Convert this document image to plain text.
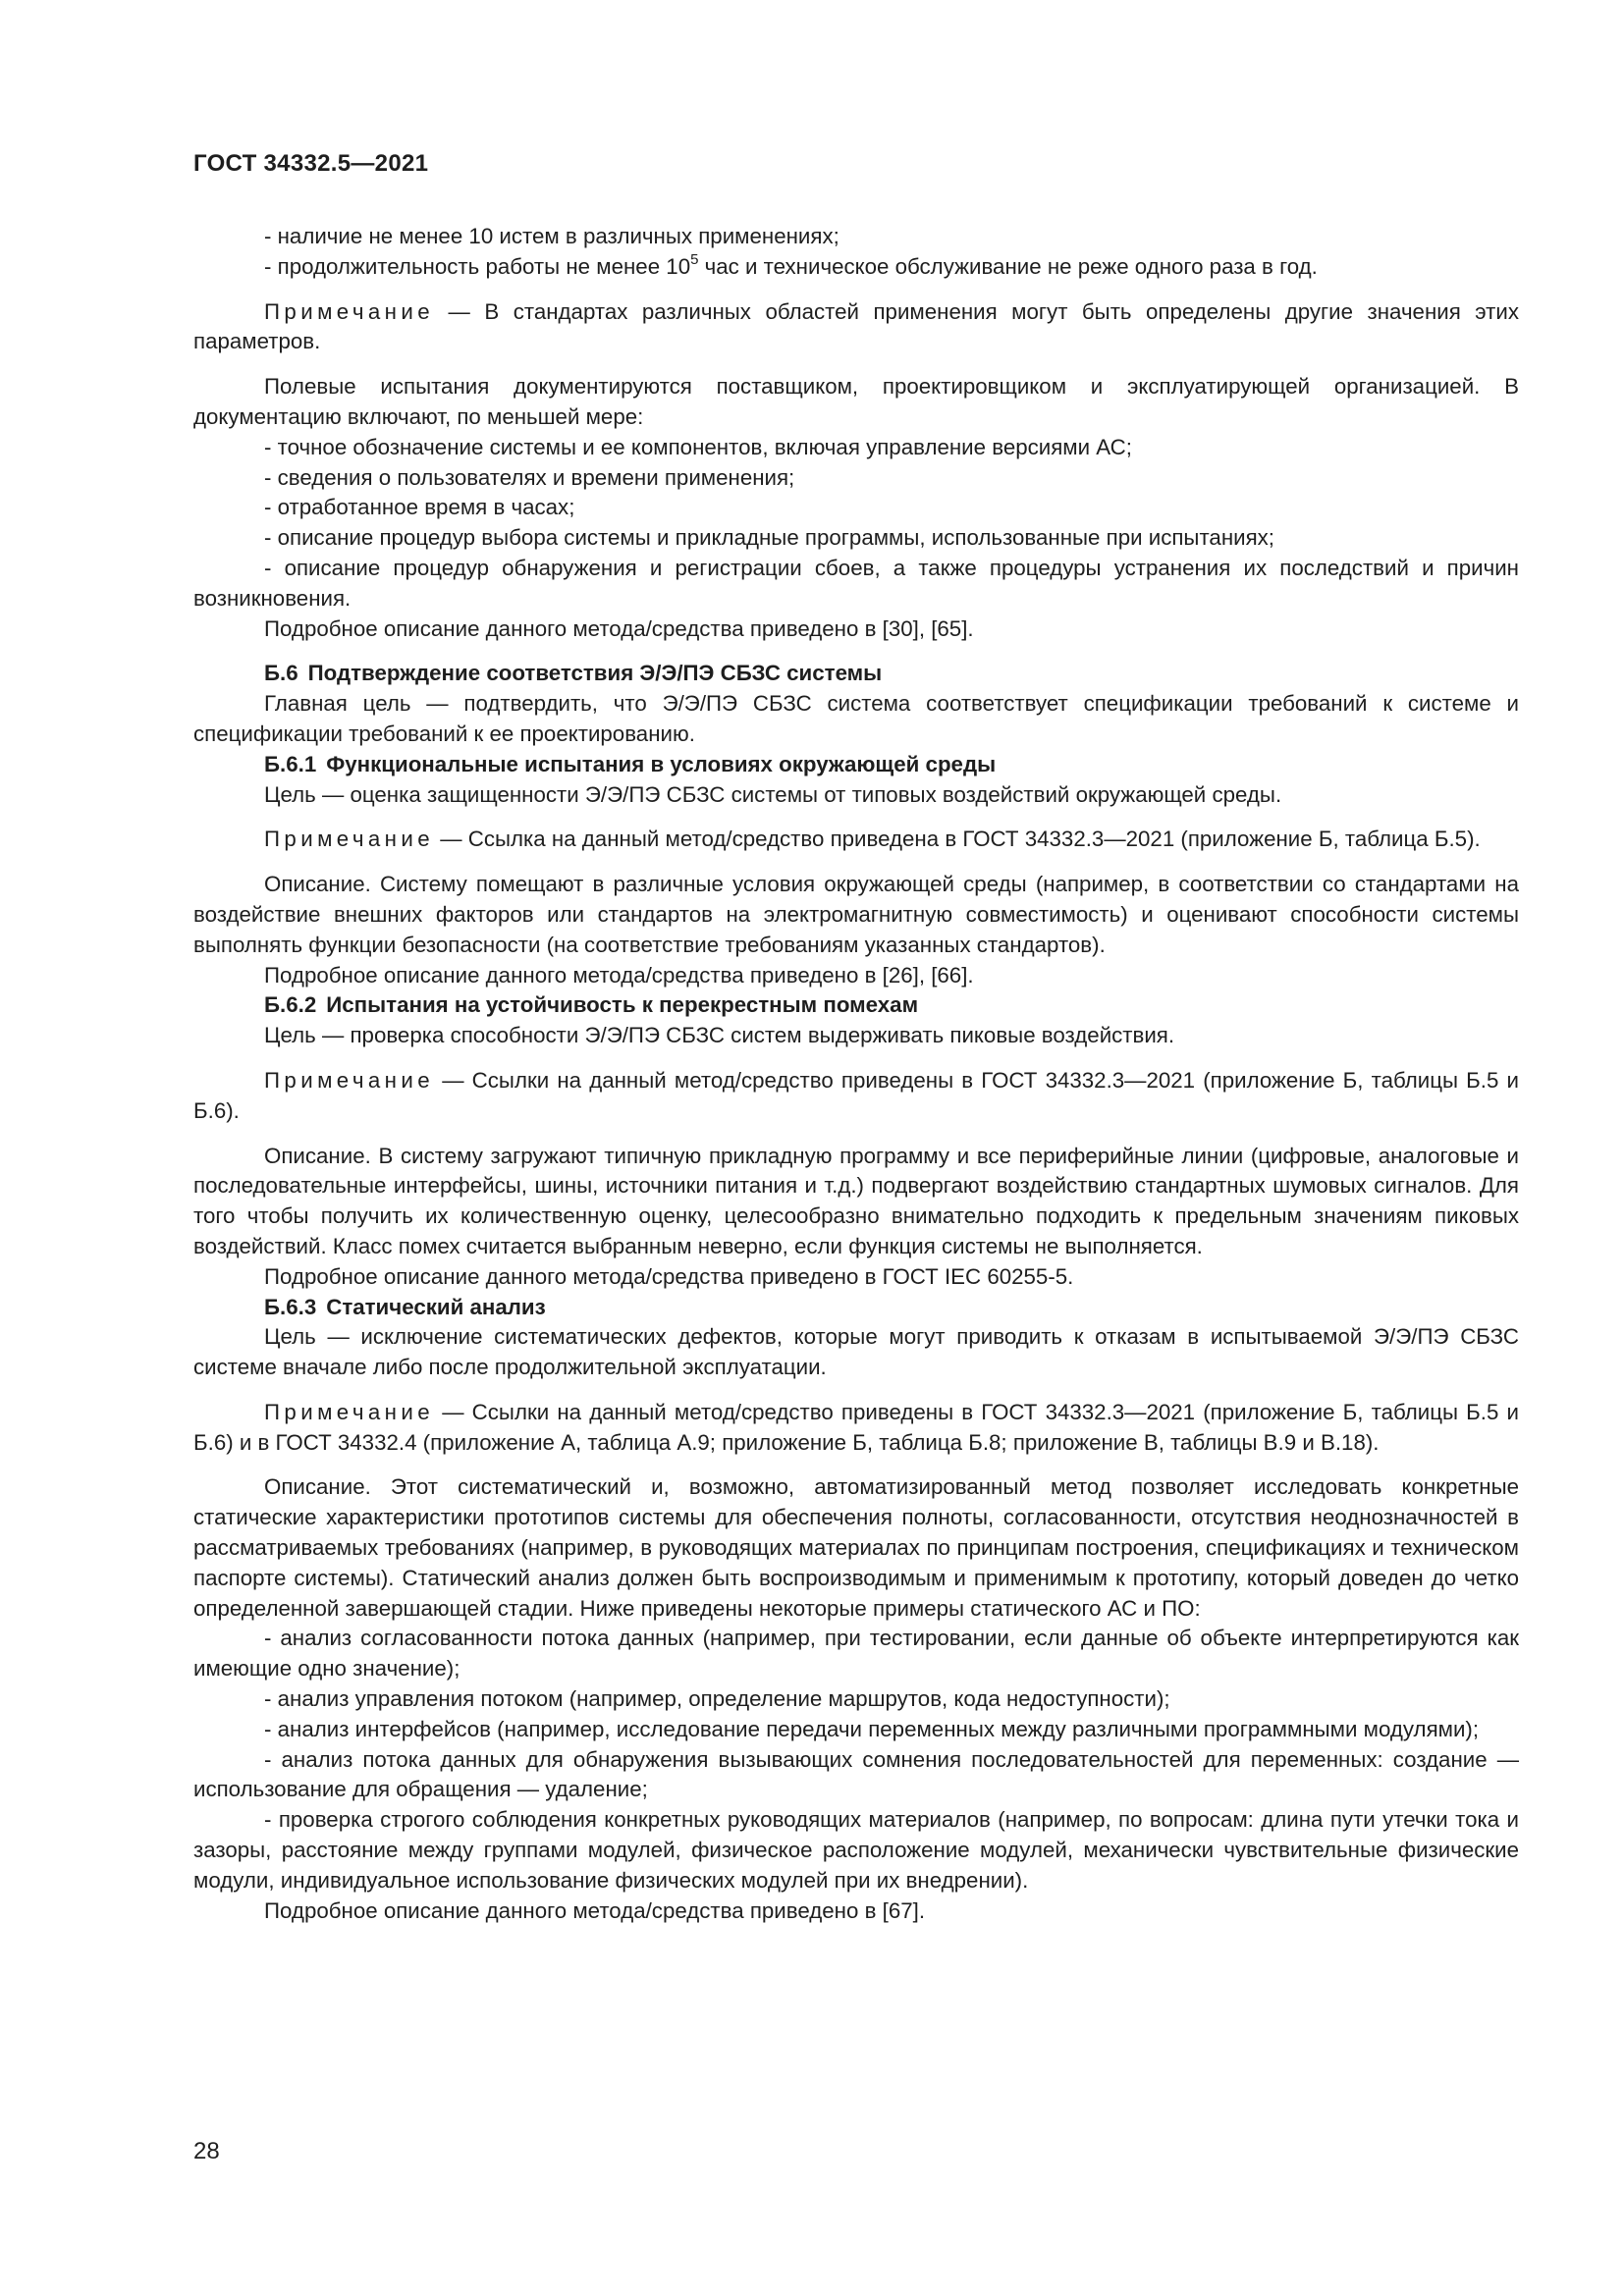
ГОСТ 34332.5—2021

- наличие не менее 10 истем в различных применениях;

- продолжительность работы не менее $10^5$ час и техническое обслуживание не реже одного раза в год.

Примечание — В стандартах различных областей применения могут быть определены другие значения этих параметров.

Полевые испытания документируются поставщиком, проектировщиком и эксплуатирующей организацией. В документацию включают, по меньшей мере:

- точное обозначение системы и ее компонентов, включая управление версиями АС;

- сведения о пользователях и времени применения;

- отработанное время в часах;

- описание процедур выбора системы и прикладные программы, использованные при испытаниях;

- описание процедур обнаружения и регистрации сбоев, а также процедуры устранения их последствий и причин возникновения.

Подробное описание данного метода/средства приведено в [30], [65].

Б.6 Подтверждение соответствия Э/Э/ПЭ СБЗС системы

Главная цель — подтвердить, что Э/Э/ПЭ СБЗС система соответствует спецификации требований к системе и спецификации требований к ее проектированию.

Б.6.1 Функциональные испытания в условиях окружающей среды

Цель — оценка защищенности Э/Э/ПЭ СБЗС системы от типовых воздействий окружающей среды.

Примечание — Ссылка на данный метод/средство приведена в ГОСТ 34332.3—2021 (приложение Б, таблица Б.5).

Описание. Систему помещают в различные условия окружающей среды (например, в соответствии со стандартами на воздействие внешних факторов или стандартов на электромагнитную совместимость) и оценивают способности системы выполнять функции безопасности (на соответствие требованиям указанных стандартов).

Подробное описание данного метода/средства приведено в [26], [66].

Б.6.2 Испытания на устойчивость к перекрестным помехам

Цель — проверка способности Э/Э/ПЭ СБЗС систем выдерживать пиковые воздействия.

Примечание — Ссылки на данный метод/средство приведены в ГОСТ 34332.3—2021 (приложение Б, таблицы Б.5 и Б.6).

Описание. В систему загружают типичную прикладную программу и все периферийные линии (цифровые, аналоговые и последовательные интерфейсы, шины, источники питания и т.д.) подвергают воздействию стандартных шумовых сигналов. Для того чтобы получить их количественную оценку, целесообразно внимательно подходить к предельным значениям пиковых воздействий. Класс помех считается выбранным неверно, если функция системы не выполняется.

Подробное описание данного метода/средства приведено в ГОСТ IEC 60255-5.

Б.6.3 Статический анализ

Цель — исключение систематических дефектов, которые могут приводить к отказам в испытываемой Э/Э/ПЭ СБЗС системе вначале либо после продолжительной эксплуатации.

Примечание — Ссылки на данный метод/средство приведены в ГОСТ 34332.3—2021 (приложение Б, таблицы Б.5 и Б.6) и в ГОСТ 34332.4 (приложение А, таблица А.9; приложение Б, таблица Б.8; приложение В, таблицы В.9 и В.18).

Описание. Этот систематический и, возможно, автоматизированный метод позволяет исследовать конкретные статические характеристики прототипов системы для обеспечения полноты, согласованности, отсутствия неоднозначностей в рассматриваемых требованиях (например, в руководящих материалах по принципам построения, спецификациях и техническом паспорте системы). Статический анализ должен быть воспроизводимым и применимым к прототипу, который доведен до четко определенной завершающей стадии. Ниже приведены некоторые примеры статического АС и ПО:

- анализ согласованности потока данных (например, при тестировании, если данные об объекте интерпретируются как имеющие одно значение);

- анализ управления потоком (например, определение маршрутов, кода недоступности);

- анализ интерфейсов (например, исследование передачи переменных между различными программными модулями);

- анализ потока данных для обнаружения вызывающих сомнения последовательностей для переменных: создание — использование для обращения — удаление;

- проверка строгого соблюдения конкретных руководящих материалов (например, по вопросам: длина пути утечки тока и зазоры, расстояние между группами модулей, физическое расположение модулей, механически чувствительные физические модули, индивидуальное использование физических модулей при их внедрении).

Подробное описание данного метода/средства приведено в [67].

28
